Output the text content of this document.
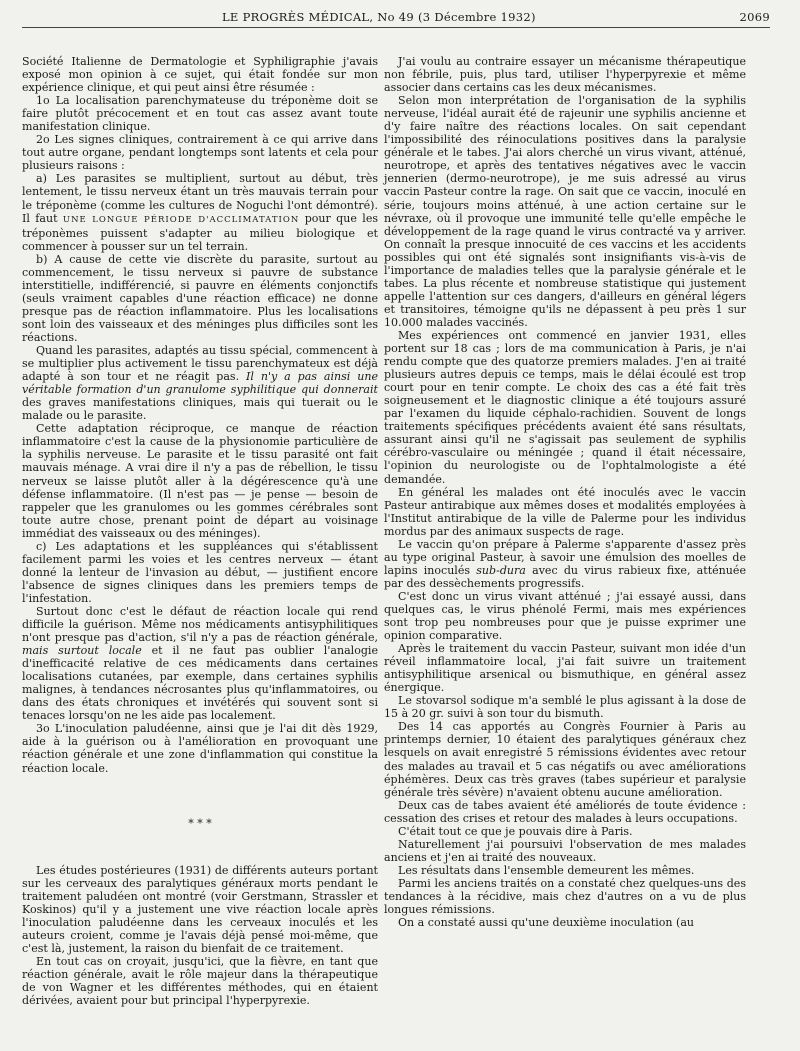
LE PROGRÈS MÉDICAL, No 49 (3 Décembre 1932)	2069

Société Italienne de Dermatologie et Syphiligraphie j'avais exposé mon opinion à ce sujet, qui était fondée sur mon expérience clinique, et qui peut ainsi être résumée :

1o La localisation parenchymateuse du tréponème doit se faire plutôt précocement et en tout cas assez avant toute manifestation clinique.

2o Les signes cliniques, contrairement à ce qui arrive dans tout autre organe, pendant longtemps sont latents et cela pour plusieurs raisons :

a) Les parasites se multiplient, surtout au début, très lentement, le tissu nerveux étant un très mauvais terrain pour le tréponème (comme les cultures de Noguchi l'ont démontré). Il faut UNE LONGUE PÉRIODE D'ACCLIMATATION pour que les tréponèmes puissent s'adapter au milieu biologique et commencer à pousser sur un tel terrain.

b) A cause de cette vie discrète du parasite, surtout au commencement, le tissu nerveux si pauvre de substance interstitielle, indifférencié, si pauvre en éléments conjonctifs (seuls vraiment capables d'une réaction efficace) ne donne presque pas de réaction inflammatoire. Plus les localisations sont loin des vaisseaux et des méninges plus difficiles sont les réactions.

Quand les parasites, adaptés au tissu spécial, commencent à se multiplier plus activement le tissu parenchymateux est déjà adapté à son tour et ne réagit pas. Il n'y a pas ainsi une véritable formation d'un granulome syphilitique qui donnerait des graves manifestations cliniques, mais qui tuerait ou le malade ou le parasite.

Cette adaptation réciproque, ce manque de réaction inflammatoire c'est la cause de la physionomie particulière de la syphilis nerveuse. Le parasite et le tissu parasité ont fait mauvais ménage. A vrai dire il n'y a pas de rébellion, le tissu nerveux se laisse plutôt aller à la dégérescence qu'à une défense inflammatoire. (Il n'est pas — je pense — besoin de rappeler que les granulomes ou les gommes cérébrales sont toute autre chose, prenant point de départ au voisinage immédiat des vaisseaux ou des méninges).

c) Les adaptations et les suppléances qui s'établissent facilement parmi les voies et les centres nerveux — étant donné la lenteur de l'invasion au début, — justifient encore l'absence de signes cliniques dans les premiers temps de l'infestation.

Surtout donc c'est le défaut de réaction locale qui rend difficile la guérison. Même nos médicaments antisyphilitiques n'ont presque pas d'action, s'il n'y a pas de réaction générale, mais surtout locale et il ne faut pas oublier l'analogie d'inefficacité relative de ces médicaments dans certaines localisations cutanées, par exemple, dans certaines syphilis malignes, à tendances nécrosantes plus qu'inflammatoires, ou dans des états chroniques et invétérés qui souvent sont si tenaces lorsqu'on ne les aide pas localement.

3o L'inoculation paludéenne, ainsi que je l'ai dit dès 1929, aide à la guérison ou à l'amélioration en provoquant une réaction générale et une zone d'inflammation qui constitue la réaction locale.

* * *

Les études postérieures (1931) de différents auteurs portant sur les cerveaux des paralytiques généraux morts pendant le traitement paludéen ont montré (voir Gerstmann, Strassler et Koskinos) qu'il y a justement une vive réaction locale après l'inoculation paludéenne dans les cerveaux inoculés et les auteurs croient, comme je l'avais déjà pensé moi-même, que c'est là, justement, la raison du bienfait de ce traitement.

En tout cas on croyait, jusqu'ici, que la fièvre, en tant que réaction générale, avait le rôle majeur dans la thérapeutique de von Wagner et les différentes méthodes, qui en étaient dérivées, avaient pour but principal l'hyperpyrexie.

J'ai voulu au contraire essayer un mécanisme thérapeutique non fébrile, puis, plus tard, utiliser l'hyperpyrexie et même associer dans certains cas les deux mécanismes.

Selon mon interprétation de l'organisation de la syphilis nerveuse, l'idéal aurait été de rajeunir une syphilis ancienne et d'y faire naître des réactions locales. On sait cependant l'impossibilité des réinoculations positives dans la paralysie générale et le tabes. J'ai alors cherché un virus vivant, atténué, neurotrope, et après des tentatives négatives avec le vaccin jennerien (dermo-neurotrope), je me suis adressé au virus vaccin Pasteur contre la rage. On sait que ce vaccin, inoculé en série, toujours moins atténué, à une action certaine sur le névraxe, où il provoque une immunité telle qu'elle empêche le développement de la rage quand le virus contracté va y arriver. On connaît la presque innocuité de ces vaccins et les accidents possibles qui ont été signalés sont insignifiants vis-à-vis de l'importance de maladies telles que la paralysie générale et le tabes. La plus récente et nombreuse statistique qui justement appelle l'attention sur ces dangers, d'ailleurs en général légers et transitoires, témoigne qu'ils ne dépassent à peu près 1 sur 10.000 malades vaccinés.

Mes expériences ont commencé en janvier 1931, elles portent sur 18 cas ; lors de ma communication à Paris, je n'ai rendu compte que des quatorze premiers malades. J'en ai traité plusieurs autres depuis ce temps, mais le délai écoulé est trop court pour en tenir compte. Le choix des cas a été fait très soigneusement et le diagnostic clinique a été toujours assuré par l'examen du liquide céphalo-rachidien. Souvent de longs traitements spécifiques précédents avaient été sans résultats, assurant ainsi qu'il ne s'agissait pas seulement de syphilis cérébro-vasculaire ou méningée ; quand il était nécessaire, l'opinion du neurologiste ou de l'ophtalmologiste a été demandée.

En général les malades ont été inoculés avec le vaccin Pasteur antirabique aux mêmes doses et modalités employées à l'Institut antirabique de la ville de Palerme pour les individus mordus par des animaux suspects de rage.

Le vaccin qu'on prépare à Palerme s'apparente d'assez près au type original Pasteur, à savoir une émulsion des moelles de lapins inoculés sub-dura avec du virus rabieux fixe, atténuée par des dessèchements progressifs.

C'est donc un virus vivant atténué ; j'ai essayé aussi, dans quelques cas, le virus phénolé Fermi, mais mes expériences sont trop peu nombreuses pour que je puisse exprimer une opinion comparative.

Après le traitement du vaccin Pasteur, suivant mon idée d'un réveil inflammatoire local, j'ai fait suivre un traitement antisyphilitique arsenical ou bismuthique, en général assez énergique.

Le stovarsol sodique m'a semblé le plus agissant à la dose de 15 à 20 gr. suivi à son tour du bismuth.

Des 14 cas apportés au Congrès Fournier à Paris au printemps dernier, 10 étaient des paralytiques généraux chez lesquels on avait enregistré 5 rémissions évidentes avec retour des malades au travail et 5 cas négatifs ou avec améliorations éphémères. Deux cas très graves (tabes supérieur et paralysie générale très sévère) n'avaient obtenu aucune amélioration.

Deux cas de tabes avaient été améliorés de toute évidence : cessation des crises et retour des malades à leurs occupations.

C'était tout ce que je pouvais dire à Paris.

Naturellement j'ai poursuivi l'observation de mes malades anciens et j'en ai traité des nouveaux.

Les résultats dans l'ensemble demeurent les mêmes.

Parmi les anciens traités on a constaté chez quelques-uns des tendances à la récidive, mais chez d'autres on a vu de plus longues rémissions.

On a constaté aussi qu'une deuxième inoculation (au
